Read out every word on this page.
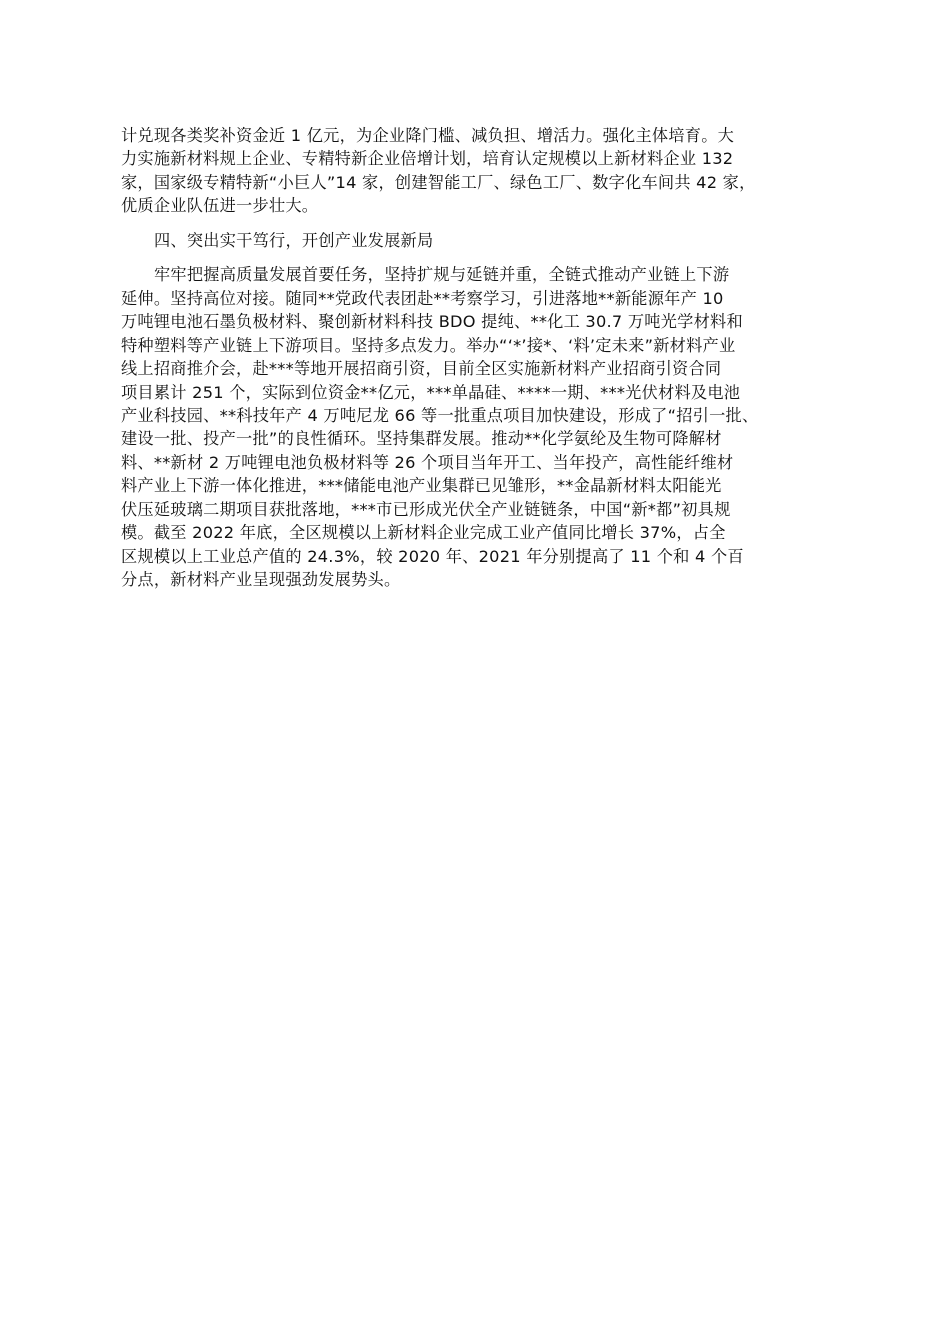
计兑现各类奖补资金近 1 亿元，为企业降门槛、减负担、增活力。强化主体培育。大
力实施新材料规上企业、专精特新企业倍增计划，培育认定规模以上新材料企业 132
家，国家级专精特新“小巨人”14 家，创建智能工厂、绿色工厂、数字化车间共 42 家，
优质企业队伍进一步壮大。
四、突出实干笃行，开创产业发展新局
牢牢把握高质量发展首要任务，坚持扩规与延链并重，全链式推动产业链上下游
延伸。坚持高位对接。随同**党政代表团赴**考察学习，引进落地**新能源年产 10
万吨锂电池石墨负极材料、聚创新材料科技 BDO 提纯、**化工 30.7 万吨光学材料和
特种塑料等产业链上下游项目。坚持多点发力。举办“‘*’接*、‘料’定未来”新材料产业
线上招商推介会，赴***等地开展招商引资，目前全区实施新材料产业招商引资合同
项目累计 251 个，实际到位资金**亿元，***单晶硅、****一期、***光伏材料及电池
产业科技园、**科技年产 4 万吨尼龙 66 等一批重点项目加快建设，形成了“招引一批、
建设一批、投产一批”的良性循环。坚持集群发展。推动**化学氨纶及生物可降解材
料、**新材 2 万吨锂电池负极材料等 26 个项目当年开工、当年投产，高性能纤维材
料产业上下游一体化推进，***储能电池产业集群已见雏形，**金晶新材料太阳能光
伏压延玻璃二期项目获批落地，***市已形成光伏全产业链链条，中国“新*都”初具规
模。截至 2022 年底，全区规模以上新材料企业完成工业产值同比增长 37%，占全
区规模以上工业总产值的 24.3%，较 2020 年、2021 年分别提高了 11 个和 4 个百
分点，新材料产业呈现强劲发展势头。
